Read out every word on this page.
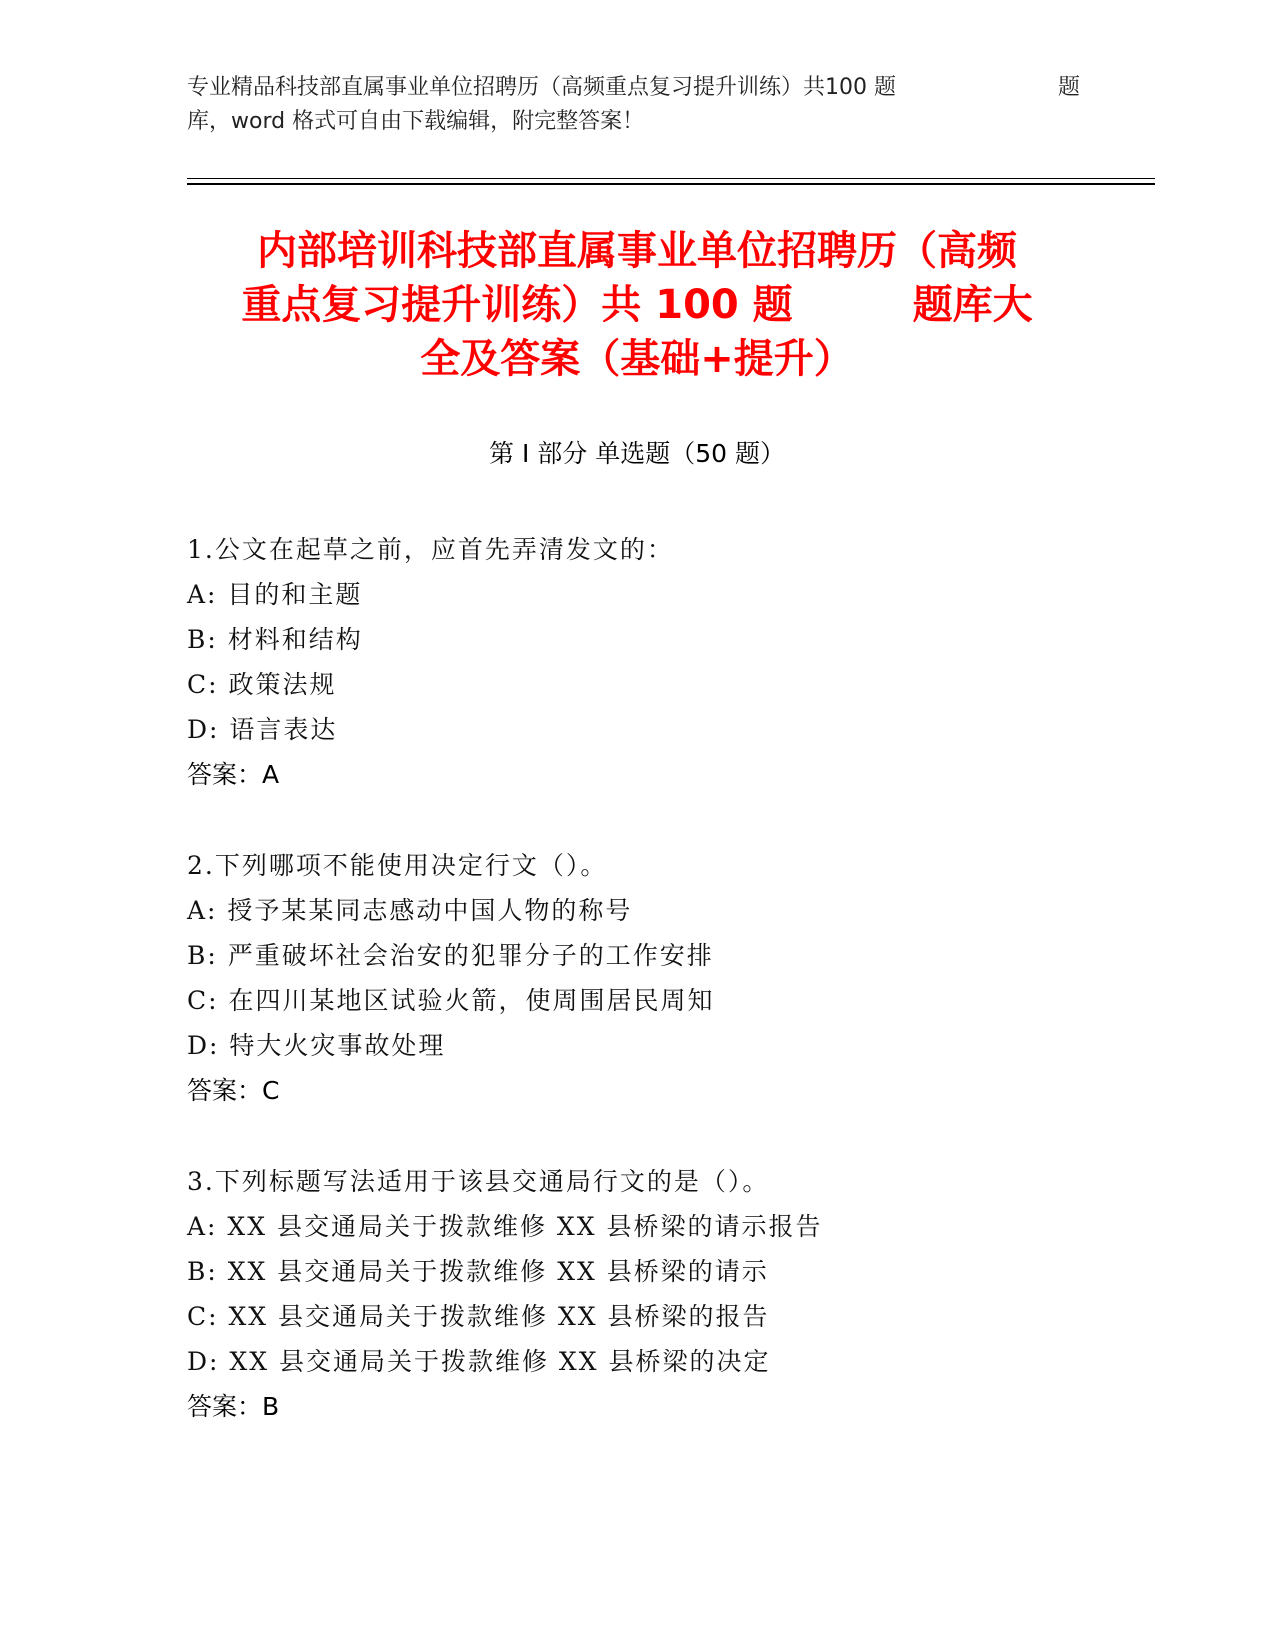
专业精品科技部直属事业单位招聘历（高频重点复习提升训练）共100 题	题
库，word 格式可自由下载编辑，附完整答案！
内部培训科技部直属事业单位招聘历（高频
重点复习提升训练）共 100 题　　　题库大
全及答案（基础+提升）
第 I 部分 单选题（50 题）
1.公文在起草之前，应首先弄清发文的：
A: 目的和主题
B: 材料和结构
C: 政策法规
D: 语言表达
答案：A
2.下列哪项不能使用决定行文（）。
A: 授予某某同志感动中国人物的称号
B: 严重破坏社会治安的犯罪分子的工作安排
C: 在四川某地区试验火箭，使周围居民周知
D: 特大火灾事故处理
答案：C
3.下列标题写法适用于该县交通局行文的是（）。
A: XX 县交通局关于拨款维修 XX 县桥梁的请示报告
B: XX 县交通局关于拨款维修 XX 县桥梁的请示
C: XX 县交通局关于拨款维修 XX 县桥梁的报告
D: XX 县交通局关于拨款维修 XX 县桥梁的决定
答案：B
